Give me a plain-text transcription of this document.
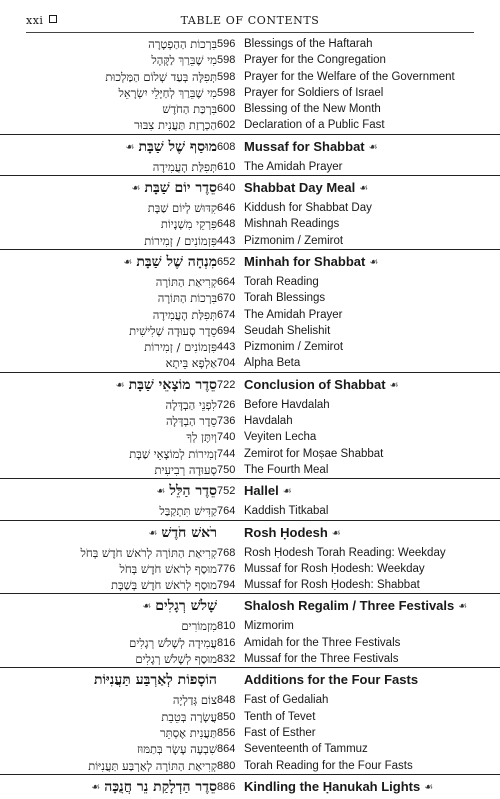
xxi	TABLE OF CONTENTS
בִּרְכוֹת הַהַפְטָרָה 596 Blessings of the Haftarah
מִי שֶׁבֵּרַךְ לַקָּהָל 598 Prayer for the Congregation
תְּפִלָּה בְּעַד שְׁלוֹם הַמַּלְכוּת 598 Prayer for the Welfare of the Government
מִי שֶׁבֵּרַךְ לְחַיָּלֵי יִשְׂרָאֵל 598 Prayer for Soldiers of Israel
בִּרְכַּת הַחֹדֶשׁ 600 Blessing of the New Month
הַכְרָזַת תַּעֲנִית צִבּוּר 602 Declaration of a Public Fast
מוּסַף שֶׁל שַׁבָּת☙	608 Mussaf for Shabbat ☙
תְּפִלַּת הָעֲמִידָה 610 The Amidah Prayer
סֵדֶר יוֹם שַׁבָּת☙	640 Shabbat Day Meal ☙
קִדּוּשׁ לְיוֹם שַׁבָּת 646 Kiddush for Shabbat Day
פִּרְקֵי מִשְׁנָיוֹת 648 Mishnah Readings
פִּזְמוֹנִים / זְמִירוֹת 443 Pizmonim / Zemirot
מִנְחָה שֶׁל שַׁבָּת☙	652 Minhah for Shabbat ☙
קְרִיאַת הַתּוֹרָה 664 Torah Reading
בִּרְכוֹת הַתּוֹרָה 670 Torah Blessings
תְּפִלַּת הָעֲמִידָה 674 The Amidah Prayer
סֵדֶר סְעוּדָה שְׁלִישִׁית 694 Seudah Shelishit
פִּזְמוֹנִים / זְמִירוֹת 443 Pizmonim / Zemirot
אַלְפָא בֵּיתָא 704 Alpha Beta
סֵדֶר מוֹצָאֵי שַׁבָּת☙	722 Conclusion of Shabbat ☙
לִפְנֵי הַבְדָּלָה 726 Before Havdalah
סֵדֶר הַבְדָּלָה 736 Havdalah
וְיִתֶּן לְךָ 740 Veyiten Lecha
זְמִירוֹת לְמוֹצָאֵי שַׁבָּת 744 Zemirot for Moṣae Shabbat
סְעוּדָה רְבִיעִית 750 The Fourth Meal
סֵדֶר הַלֵּל☙	752 Hallel ☙
קַדִּישׁ תִּתְקַבַּל 764 Kaddish Titkabal
רֹאשׁ חֹדֶשׁ☙	Rosh Ḥodesh ☙
קְרִיאַת הַתּוֹרָה לְרֹאשׁ חֹדֶשׁ בְּחֹל 768 Rosh Ḥodesh Torah Reading: Weekday
מוּסַף לְרֹאשׁ חֹדֶשׁ בְּחֹל 776 Mussaf for Rosh Ḥodesh: Weekday
מוּסַף לְרֹאשׁ חֹדֶשׁ בְּשַׁבָּת 794 Mussaf for Rosh Ḥodesh: Shabbat
שָׁלֹשׁ רְגָלִים☙	Shalosh Regalim / Three Festivals ☙
מִזְמוֹרִים 810 Mizmorim
עֲמִידָה לְשָׁלֹשׁ רְגָלִים 816 Amidah for the Three Festivals
מוּסַף לְשָׁלֹשׁ רְגָלִים 832 Mussaf for the Three Festivals
הוֹסָפוֹת לְאַרְבַּע תַּעֲנִיּוֹת Additions for the Four Fasts
צוֹם גְּדַלְיָה 848 Fast of Gedaliah
עֲשָׂרָה בְּטֵבֵת 850 Tenth of Tevet
תַּעֲנִית אֶסְתֵּר 856 Fast of Esther
שִׁבְעָה עָשָׂר בְּתַמּוּז 864 Seventeenth of Tammuz
קְרִיאַת הַתּוֹרָה לְאַרְבַּע תַּעֲנִיּוֹת 880 Torah Reading for the Four Fasts
סֵדֶר הַדְלָקַת נֵר חֲנֻכָּה☙	886 Kindling the Ḥanukah Lights ☙
